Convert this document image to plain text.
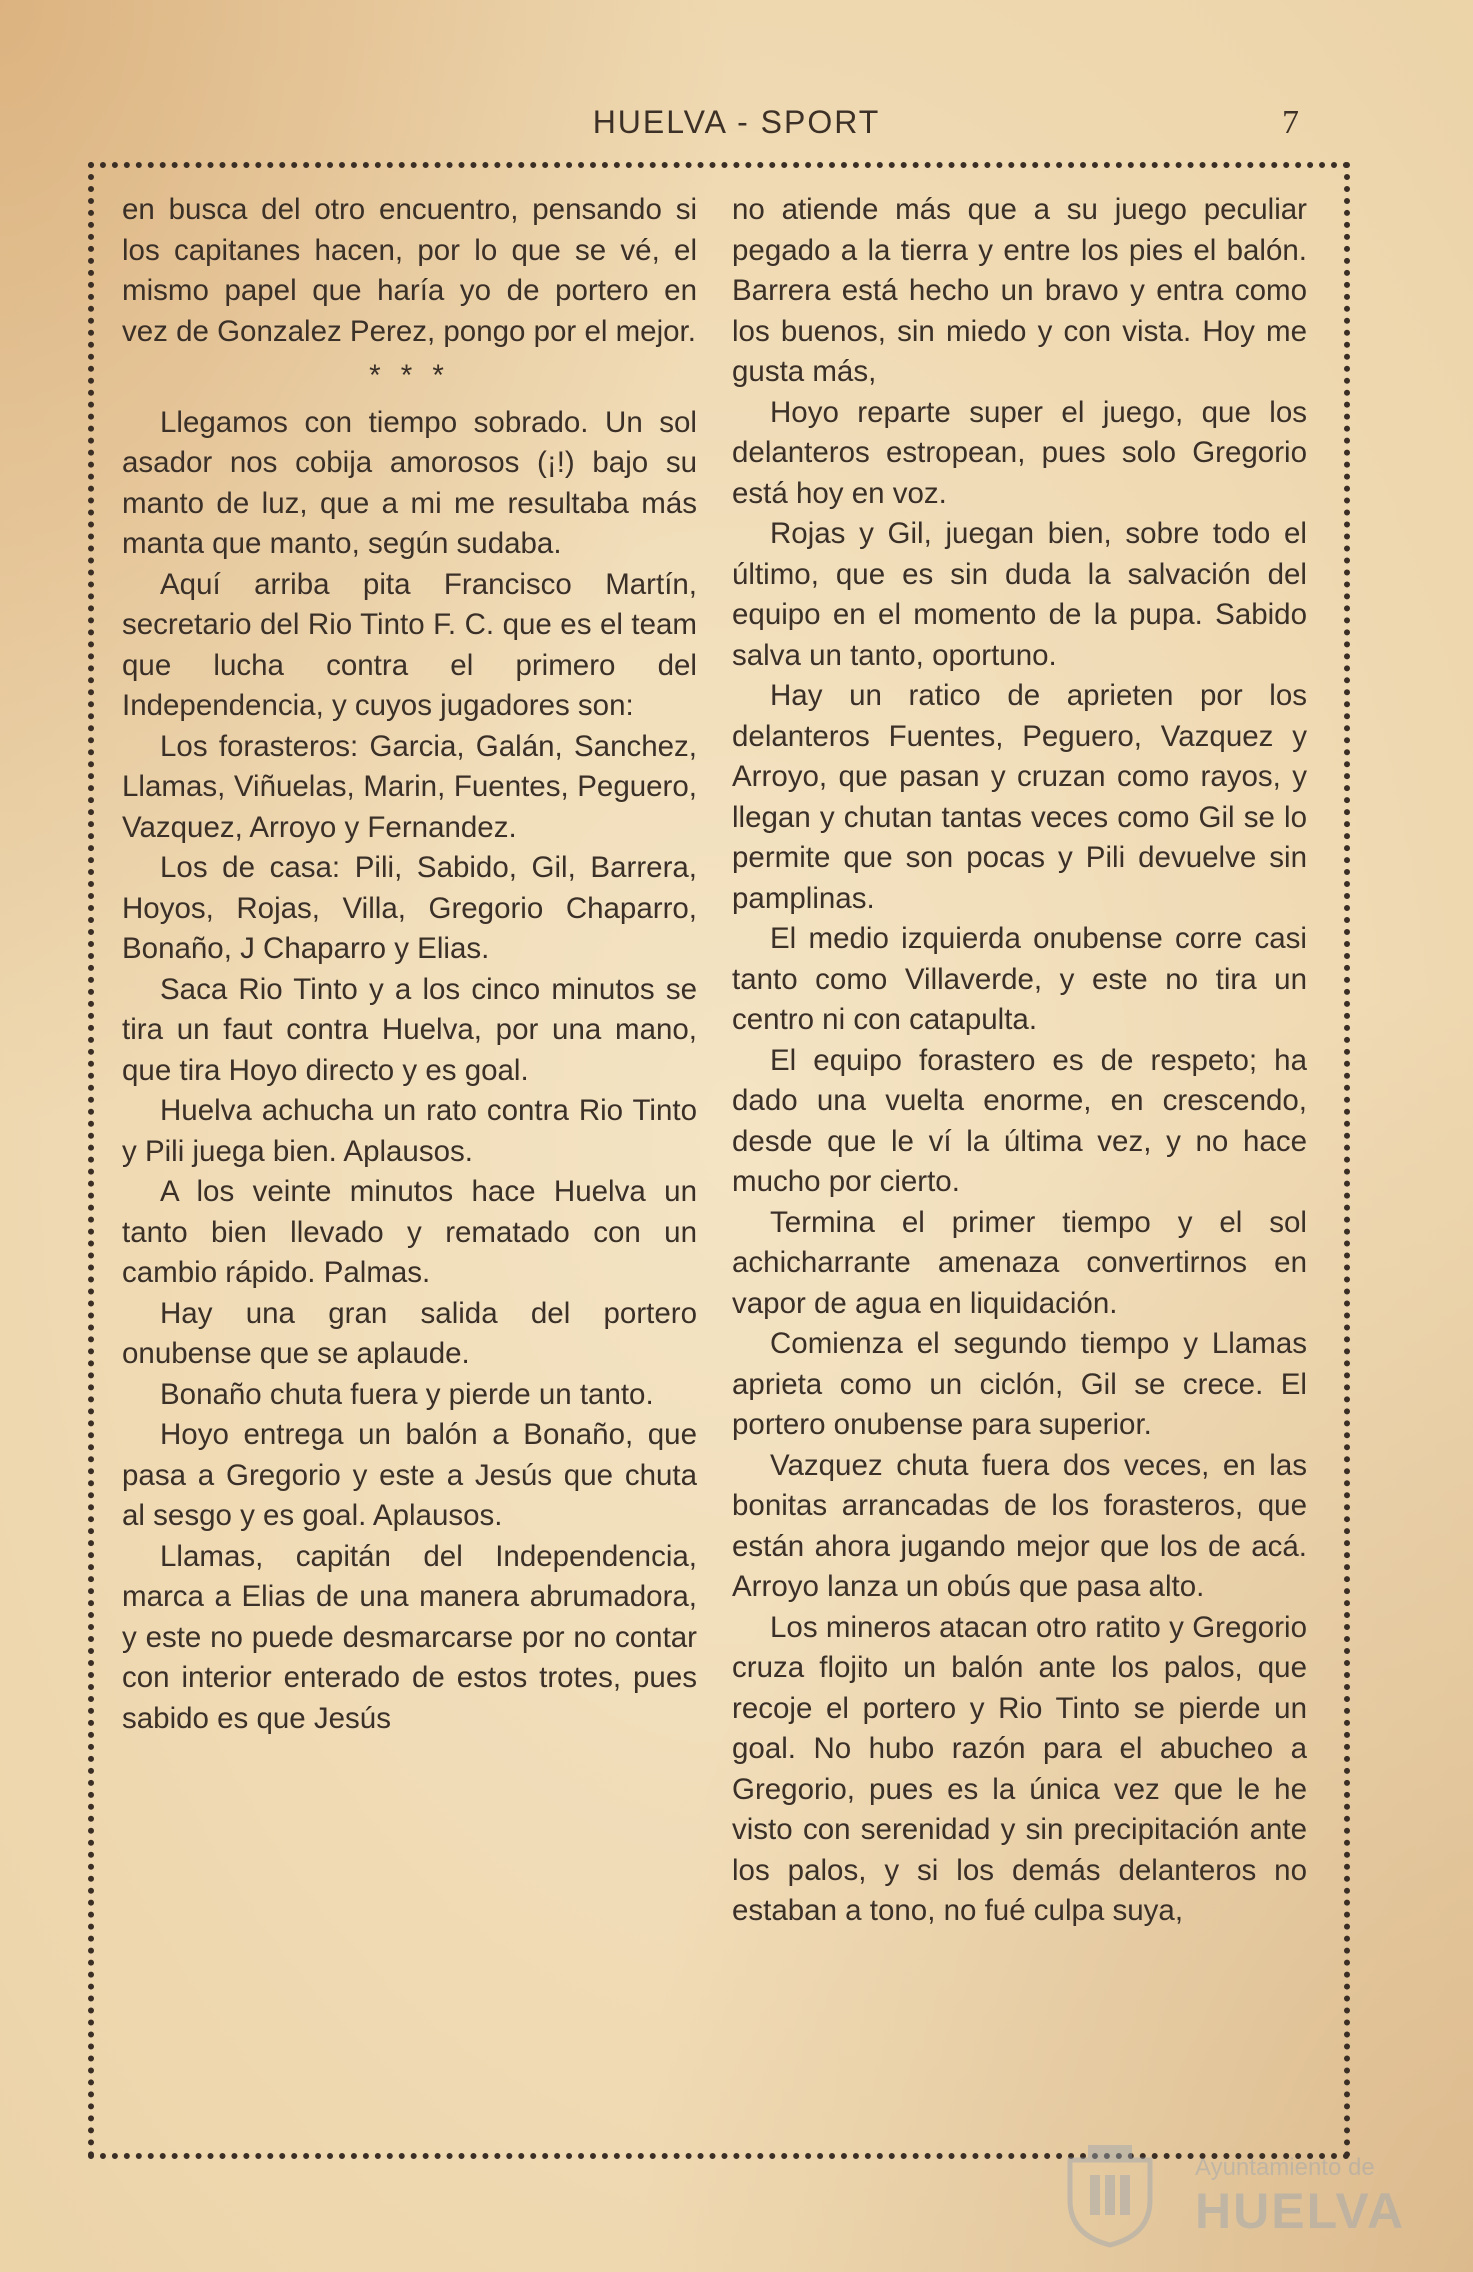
HUELVA - SPORT	7

en busca del otro encuentro, pensando si los capitanes hacen, por lo que se vé, el mismo papel que haría yo de portero en vez de Gonzalez Perez, pongo por el mejor.

* * *

Llegamos con tiempo sobrado. Un sol asador nos cobija amorosos (¡!) bajo su manto de luz, que a mi me resultaba más manta que manto, según sudaba.

Aquí arriba pita Francisco Martín, secretario del Rio Tinto F. C. que es el team que lucha contra el primero del Independencia, y cuyos jugadores son:

Los forasteros: Garcia, Galán, Sanchez, Llamas, Viñuelas, Marin, Fuentes, Peguero, Vazquez, Arroyo y Fernandez.

Los de casa: Pili, Sabido, Gil, Barrera, Hoyos, Rojas, Villa, Gregorio Chaparro, Bonaño, J Chaparro y Elias.

Saca Rio Tinto y a los cinco minutos se tira un faut contra Huelva, por una mano, que tira Hoyo directo y es goal.

Huelva achucha un rato contra Rio Tinto y Pili juega bien. Aplausos.

A los veinte minutos hace Huelva un tanto bien llevado y rematado con un cambio rápido. Palmas.

Hay una gran salida del portero onubense que se aplaude.

Bonaño chuta fuera y pierde un tanto.

Hoyo entrega un balón a Bonaño, que pasa a Gregorio y este a Jesús que chuta al sesgo y es goal. Aplausos.

Llamas, capitán del Independencia, marca a Elias de una manera abrumadora, y este no puede desmarcarse por no contar con interior enterado de estos trotes, pues sabido es que Jesús

no atiende más que a su juego peculiar pegado a la tierra y entre los pies el balón. Barrera está hecho un bravo y entra como los buenos, sin miedo y con vista. Hoy me gusta más,

Hoyo reparte super el juego, que los delanteros estropean, pues solo Gregorio está hoy en voz.

Rojas y Gil, juegan bien, sobre todo el último, que es sin duda la salvación del equipo en el momento de la pupa. Sabido salva un tanto, oportuno.

Hay un ratico de aprieten por los delanteros Fuentes, Peguero, Vazquez y Arroyo, que pasan y cruzan como rayos, y llegan y chutan tantas veces como Gil se lo permite que son pocas y Pili devuelve sin pamplinas.

El medio izquierda onubense corre casi tanto como Villaverde, y este no tira un centro ni con catapulta.

El equipo forastero es de respeto; ha dado una vuelta enorme, en crescendo, desde que le ví la última vez, y no hace mucho por cierto.

Termina el primer tiempo y el sol achicharrante amenaza convertirnos en vapor de agua en liquidación.

Comienza el segundo tiempo y Llamas aprieta como un ciclón, Gil se crece. El portero onubense para superior.

Vazquez chuta fuera dos veces, en las bonitas arrancadas de los forasteros, que están ahora jugando mejor que los de acá. Arroyo lanza un obús que pasa alto.

Los mineros atacan otro ratito y Gregorio cruza flojito un balón ante los palos, que recoje el portero y Rio Tinto se pierde un goal. No hubo razón para el abucheo a Gregorio, pues es la única vez que le he visto con serenidad y sin precipitación ante los palos, y si los demás delanteros no estaban a tono, no fué culpa suya,

Ayuntamiento de
HUELVA
